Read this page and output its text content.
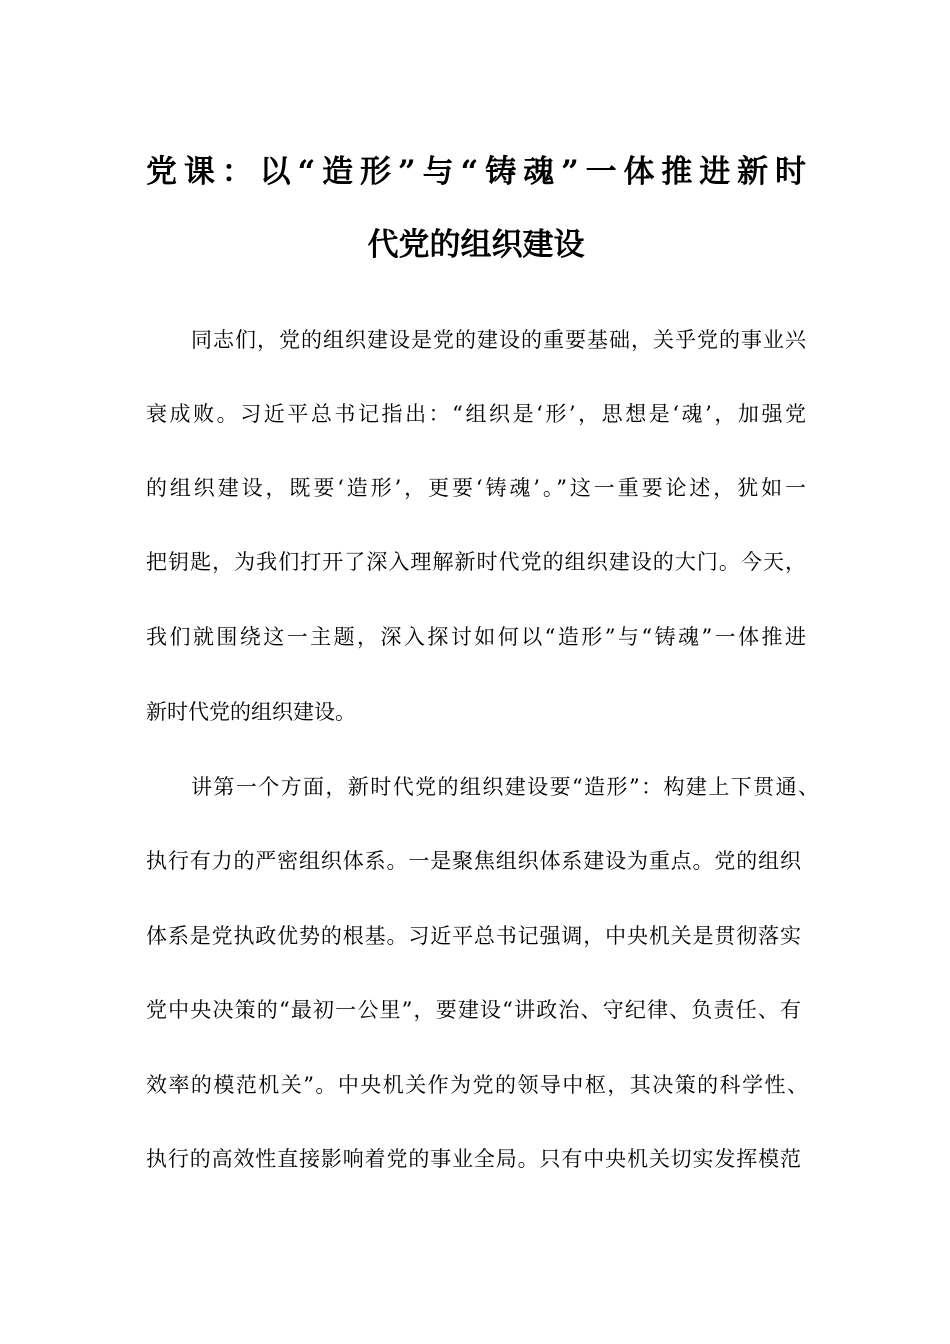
党课：以“造形”与“铸魂”一体推进新时
代党的组织建设
同志们，党的组织建设是党的建设的重要基础，关乎党的事业兴
衰成败。习近平总书记指出：“组织是‘形’，思想是‘魂’，加强党
的组织建设，既要‘造形’，更要‘铸魂’。”这一重要论述，犹如一
把钥匙，为我们打开了深入理解新时代党的组织建设的大门。今天，
我们就围绕这一主题，深入探讨如何以“造形”与“铸魂”一体推进
新时代党的组织建设。
讲第一个方面，新时代党的组织建设要“造形”：构建上下贯通、
执行有力的严密组织体系。一是聚焦组织体系建设为重点。党的组织
体系是党执政优势的根基。习近平总书记强调，中央机关是贯彻落实
党中央决策的“最初一公里”，要建设“讲政治、守纪律、负责任、有
效率的模范机关”。中央机关作为党的领导中枢，其决策的科学性、
执行的高效性直接影响着党的事业全局。只有中央机关切实发挥模范
